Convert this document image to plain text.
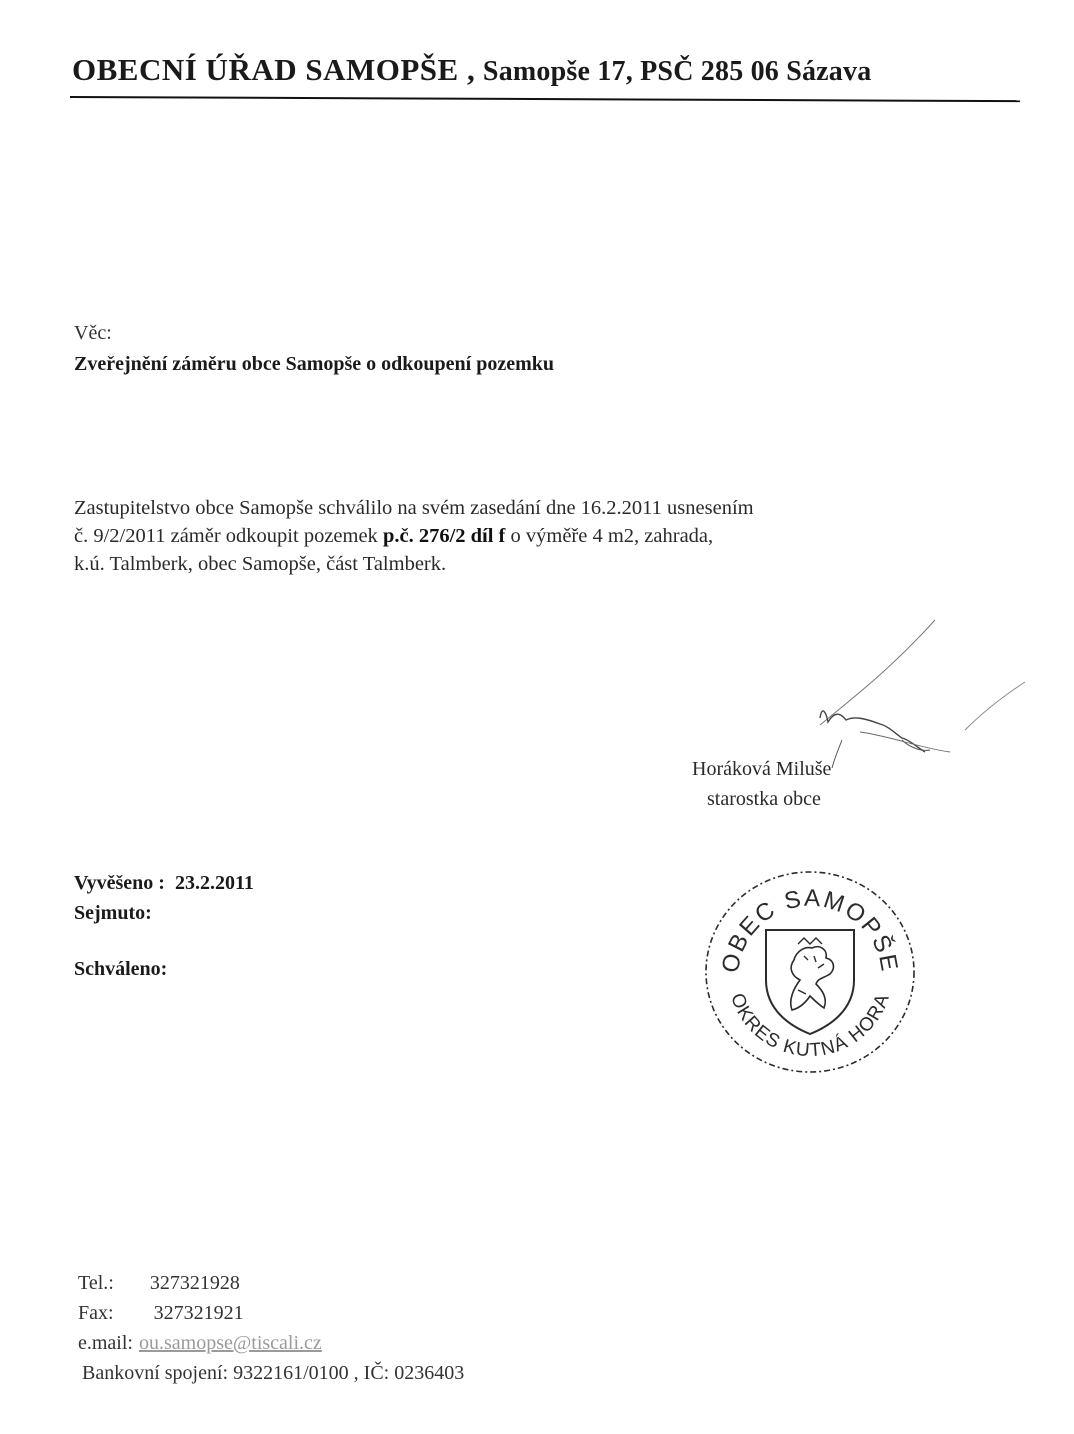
OBECNÍ ÚŘAD SAMOPŠE , Samopše 17, PSČ 285 06 Sázava
Věc:
Zveřejnění záměru obce Samopše o odkoupení pozemku
Zastupitelstvo obce Samopše schválilo na svém zasedání dne 16.2.2011 usnesením
č. 9/2/2011 záměr odkoupit pozemek p.č. 276/2 díl f o výměře 4 m2, zahrada,
k.ú. Talmberk, obec Samopše, část Talmberk.
Horáková Miluše
starostka obce
Vyvěšeno : 23.2.2011
Sejmuto:
Schváleno:	OBEC SAMOPŠE
OKRES KUTNÁ HORA
Tel.: 327321928
Fax: 327321921
e.mail: ou.samopse@tiscali.cz
Bankovní spojení: 9322161/0100 , IČ: 0236403
